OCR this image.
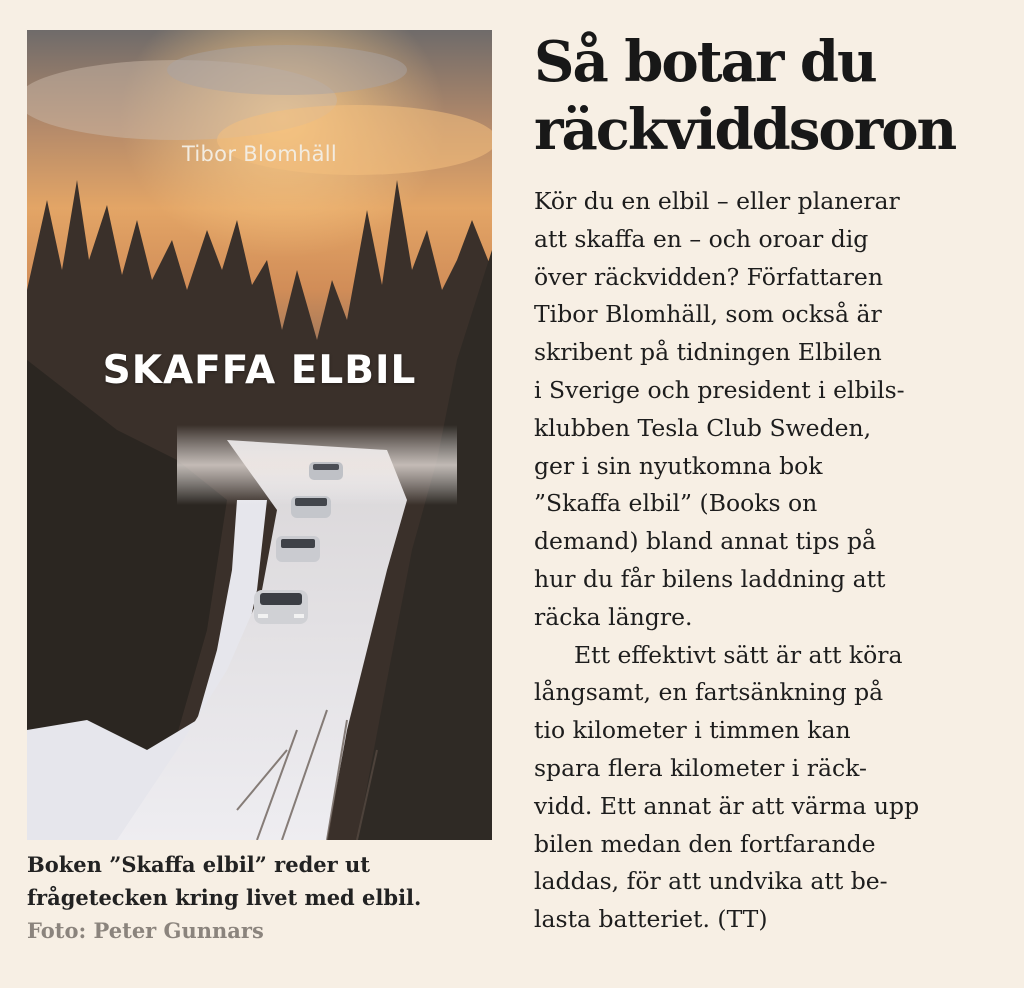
Tibor Blomhäll
SKAFFA ELBIL
Boken ”Skaffa elbil” reder ut
frågetecken kring livet med elbil.
Foto: Peter Gunnars
Så botar du
räckviddsoron
Kör du en elbil – eller planerar
att skaffa en – och oroar dig
över räckvidden? Författaren
Tibor Blomhäll, som också är
skribent på tidningen Elbilen
i Sverige och president i elbils-
klubben Tesla Club Sweden,
ger i sin nyutkomna bok
”Skaffa elbil” (Books on
demand) bland annat tips på
hur du får bilens laddning att
räcka längre.
Ett effektivt sätt är att köra
långsamt, en fartsänkning på
tio kilometer i timmen kan
spara flera kilometer i räck-
vidd. Ett annat är att värma upp
bilen medan den fortfarande
laddas, för att undvika att be-
lasta batteriet. (TT)
